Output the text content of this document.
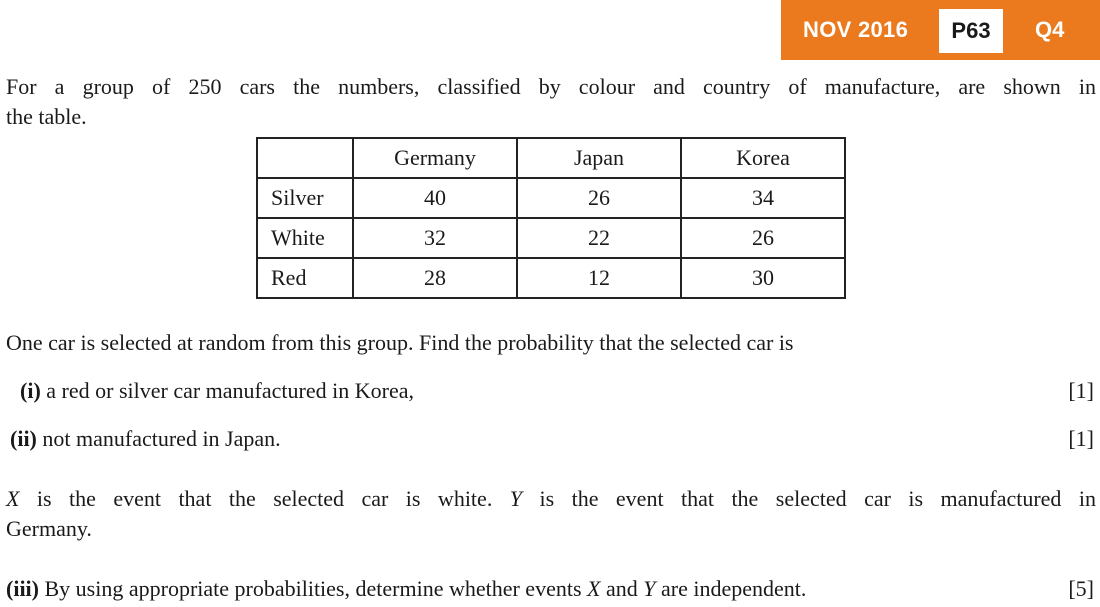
NOV 2016	P63	Q4

For a group of 250 cars the numbers, classified by colour and country of manufacture, are shown in
the table.

	Germany	Japan	Korea
Silver	40	26	34
White	32	22	26
Red	28	12	30

One car is selected at random from this group. Find the probability that the selected car is

(i) a red or silver car manufactured in Korea,	[1]
(ii) not manufactured in Japan.	[1]

X is the event that the selected car is white. Y is the event that the selected car is manufactured in
Germany.

(iii) By using appropriate probabilities, determine whether events X and Y are independent.	[5]
